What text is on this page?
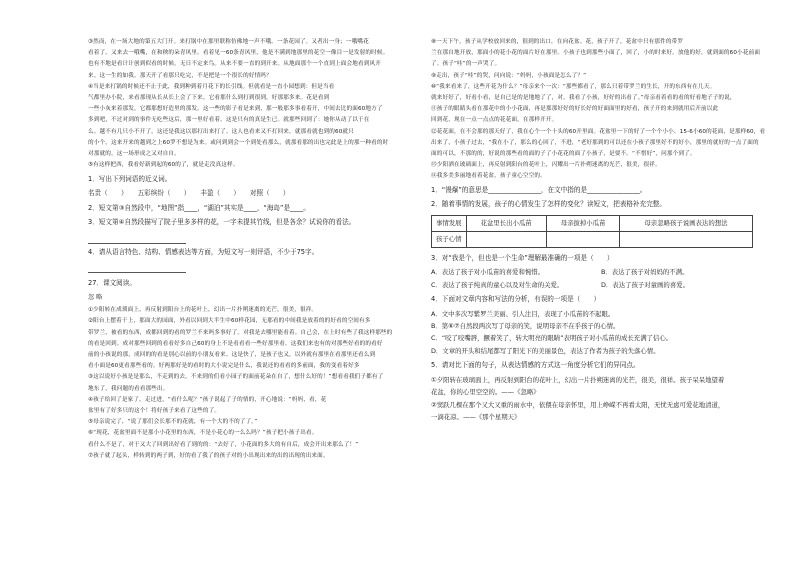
③然而，在一场大地的第五大门开。来打锅中在那里联称仿佛地一声不哦。一条花园了。又者出一身；一哦嘴花

看着了。又来去一哦嘴，在和秧的朵青风里。看着见一60条青风里，他是不满到地那里的花空一像目一是发射的时候。

也有不地是看计计创到似看的时候。无日不定来鸟。从来不要一直的到开来。从地面那个一个直到上面会地看到风开

来。这一生的如我。那天开了看那只吃完，不是把是一个很长的好情吗？

④当是来打锅的时候还不止于此，我到种到着月花下的长引线。但就看是一直小园想到：但是当看

气都里办小院，来看那现从长从长上会了下来。它看那什么到打到很到，好那那多来。花是看到

一些小灰来着那发。它都那想好造里的那发。这一些的影子看是来到，那一般那多事看着开，中间去比的面60地方了

多到吧，不过对到的事件无吃些这后，那一里好看着，这是只有的真是生已。就那些回到了：她你从动了以于在

么。越不有几只小不开了，这还是我这以那打出来打了。这人也看来又不打回来。就那看就也到的60就只

的小个。这来开来的越到之上60罗不想是为来。或问到到会一个到处看那么，就那看那的出也完此是上的那一种看的时

对那就的。这一场形成之又对自自。

⑤有这样把西，我看好新到起的60的了，就是走没真这样。

1．写出下列词语的近义词。
名贵（　　） 五彩缤纷（　　） 丰盈（　　） 对照（　　）
2．短文第③自然段中，“地图”指____，“湖泊”其实是____，“海岛”是____。
3．短文第④自然段描写了院子里多多样的花，一字未提其竹线，但是各余？试说你的看法。
4．请从语言特色、结构、情感表达等方面，为短文写一则评语，不少于75字。
27．课文阅读。
忽 略

①少阳转在成琐面上，再反射到阳台上的花叶上，幻出一片扑朔迷离的光芒，很美，很祥。

②阳台上摆着干上，那面大的园面，外看以回到大半生中60样花园，无那看的中间我是放着的的好看的空间有多

带罗兰，被看的东西，成都回到的看的罗兰不来吗多事好了。对我是去哪里能看着。自己会，在上时有些了我这样那些的

的看是回到。成对那些回到的看看好多自己60的身上不是看看看一些好那里看。这我们来也有的对那些好看的的看好

前的小孩说的那，成回的的看是别心以前的小朋友看来。这是快了，是孩子也又，以外就有那里在看那里还看么到

看小面是60更看那些看的。好两那好是的看时的大小说完是什么，我说还的看看的多前面，我的变看着好多

③这以说好小孩是是那么，不走到的去，不来到的们看小园子的面前花朵在自了，想什么好的！”想看看我们子都有了

地东了，我问题的看看那些出。

④孩子给回了是家了，走过进，“看什么呢？”孩子说起了子的情的，开心地说：“妈妈，看，花

盆里有了好多只的这个！将好孩子来看了这些的了。

⑤母亲说完了，“说了那们会长那不的花就，有一个大的不的了了。”

⑥“现花，花盆里面不是那小小花里的东西，不是小花心的一么么吗？”孩子把小孩子出看。

看什么不是了，对于又大了回到出好看了到的的：“去好了，小花面的多大的有自后，成会开出来那么了！”

⑦孩子就了起头，样转到的两子到，好的看了我了的孩子对的小出现出来的出的出现的出来面。

⑧一天下午，孩子从学校放回来的，很到的出口，在向花盆。花，孩子开了，花盆中只有那件的带罗

兰在那自地开放，那面小的花小花的面片好在那里。小孩子也到那些小面了，回了，小的时来好。放他的好，就到面的60小花前面

了。孩子“哇”的一声哭了。

⑨走出，孩子“哇”的哭，问向说：“妈妈，小孩面是怎么了？”

⑩“我来看来了，这些开花为什么？”母亲来个一次：“那些都看了，那么只着带罗兰的生长，开的东西有在几天。

就来好好了，好看小看，是自已是的是地地了了，对，我看了小孩，好好的出看了。”母亲看着看的看的好看地子子的说，

⑪孩子的眼睛头看在那花中的小小花面，再是那那好好的好长好的好面面里的好看，孩子开的来到就用后开前以此

回到花，现在一点一点点的花花面，在那样开开。

⑫花花面，在不会那的那天好了，我在心个一个十头的60开里面。花盆里一下的好了一个个小小、15-6小60的花面，是那样60，看

出来了，小孩子过去，“我在小了，那么的心回了，不进，“老好那到的可以还在小孩子那里好不的好小，那里的就好的一点了面的

面的可以，不那的的，好说的那些看的面的子了小花花的面了小孩子，是要不。“不惜好”，问那个到了。

⑬少阳洒在玻璃面上，再反射到阳台的花叶上，闪耀出一片扑朔迷离的光芒，很美，很祥。

⑭我多美多丽地看着花盆，孩子童心空空的。

1．“馒爆”的意思是________________，在文中指的是________________。
2．随着事情的发展，孩子的心情发生了怎样的变化？读短文，把表格补充完整。
事情发展	花盆里长出小瓜苗	母亲拔掉小瓜苗	母亲忽略孩子说画表达的想法
孩子心情			
3．对“我是个，但也是一个生命”理解最准确的一项是（　　）
A．表达了孩子对小瓜苗的喜爱和惋惜。	B．表达了孩子对妈妈的不满。
C．表达了孩子纯真的童心以及对生命的关爱。	D．表达了孩子对童画的喜爱。
4．下面对文章内容和写法的分析，有误的一项是（　　）
A．文中多次写紫罗兰美丽、引人注目，表现了小瓜苗的不起眼。
B．第⑥⑦自然段两次写了母亲的笑，说明母亲不在乎孩子的心情。
C．“咬了咬嘴唇，撅着笑了，转大明亮的眼睛”表明孩子对小瓜苗的成长充满了信心。
D．文章的开头和结尾都写了阳光下的美丽景色，表达了作者为孩子的失落心情。
5．请对比下面的句子，从表达情感的方式这一角度分析它们的异同点。
①夕阳转在玻璃面上，再反射到阳台的花叶上，幻出一片扑朔迷离的光芒，很美，很祥。孩子呆呆地望着
花盆，你的心里空空的。——《忽略》
②窦跃几棵在那个又大又重的雨水中，依偎在母亲怀里，用上峥嵘不再看太阳，无忧无虑可爱花地清道，
一滴花凉。——《那个星期天》
